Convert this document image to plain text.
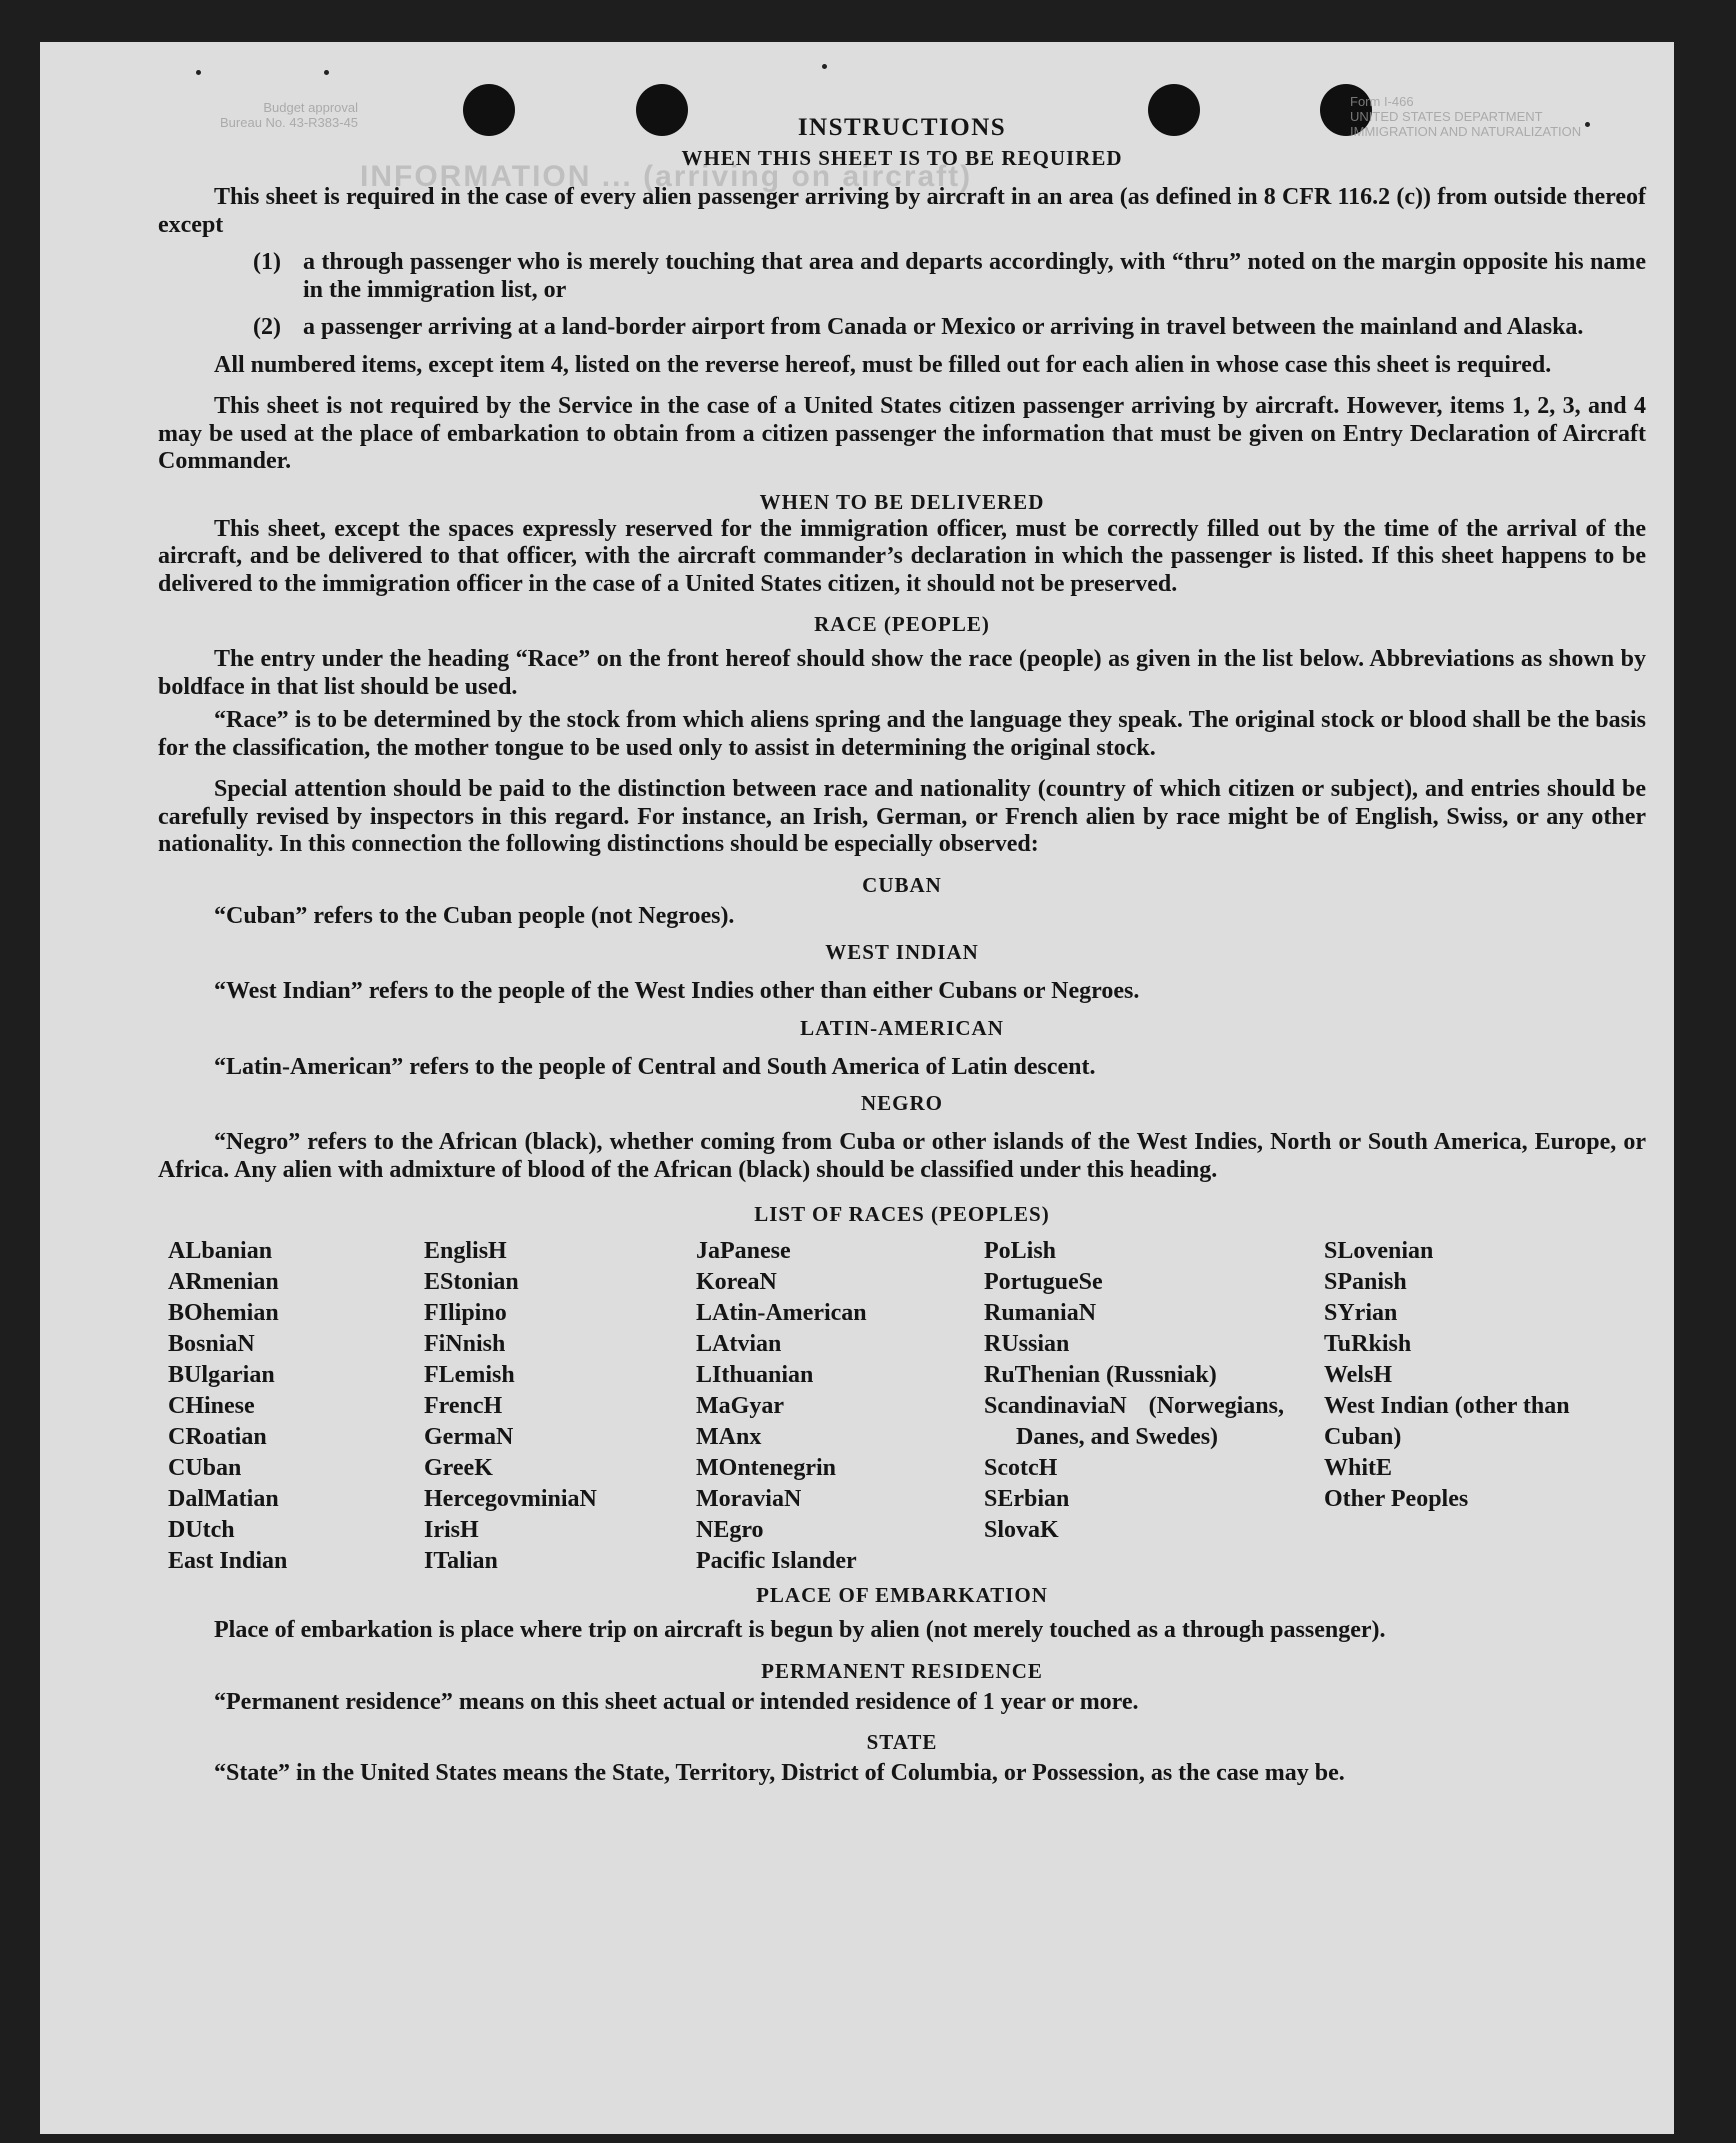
Budget approval
Bureau No. 43-R383-45
Form I-466
UNITED STATES DEPARTMENT
IMMIGRATION AND NATURALIZATION
INFORMATION ... (arriving on aircraft)
INSTRUCTIONS
WHEN THIS SHEET IS TO BE REQUIRED

This sheet is required in the case of every alien passenger arriving by aircraft in an area (as defined in 8 CFR 116.2 (c)) from outside thereof except

(1) a through passenger who is merely touching that area and departs accordingly, with “thru” noted on the margin opposite his name in the immigration list, or
(2) a passenger arriving at a land-border airport from Canada or Mexico or arriving in travel between the mainland and Alaska.

All numbered items, except item 4, listed on the reverse hereof, must be filled out for each alien in whose case this sheet is required.

This sheet is not required by the Service in the case of a United States citizen passenger arriving by aircraft. However, items 1, 2, 3, and 4 may be used at the place of embarkation to obtain from a citizen passenger the information that must be given on Entry Declaration of Aircraft Commander.

WHEN TO BE DELIVERED

This sheet, except the spaces expressly reserved for the immigration officer, must be correctly filled out by the time of the arrival of the aircraft, and be delivered to that officer, with the aircraft commander’s declaration in which the passenger is listed. If this sheet happens to be delivered to the immigration officer in the case of a United States citizen, it should not be preserved.

RACE (PEOPLE)

The entry under the heading “Race” on the front hereof should show the race (people) as given in the list below. Abbreviations as shown by boldface in that list should be used.

“Race” is to be determined by the stock from which aliens spring and the language they speak. The original stock or blood shall be the basis for the classification, the mother tongue to be used only to assist in determining the original stock.

Special attention should be paid to the distinction between race and nationality (country of which citizen or subject), and entries should be carefully revised by inspectors in this regard. For instance, an Irish, German, or French alien by race might be of English, Swiss, or any other nationality. In this connection the following distinctions should be especially observed:

CUBAN

“Cuban” refers to the Cuban people (not Negroes).

WEST INDIAN

“West Indian” refers to the people of the West Indies other than either Cubans or Negroes.

LATIN-AMERICAN

“Latin-American” refers to the people of Central and South America of Latin descent.

NEGRO

“Negro” refers to the African (black), whether coming from Cuba or other islands of the West Indies, North or South America, Europe, or Africa. Any alien with admixture of blood of the African (black) should be classified under this heading.

LIST OF RACES (PEOPLES)
ALbanian
ARmenian
BOhemian
BosniaN
BUlgarian
CHinese
CRoatian
CUban
DalMatian
DUtch
East Indian
EnglisH
EStonian
FIlipino
FiNnish
FLemish
FrencH
GermaN
GreeK
HercegovminiaN
IrisH
ITalian
JaPanese
KoreaN
LAtin-American
LAtvian
LIthuanian
MaGyar
MAnx
MOntenegrin
MoraviaN
NEgro
Pacific Islander
PoLish
PortugueSe
RumaniaN
RUssian
RuThenian (Russniak)
ScandinaviaN (Norwegians, Danes, and Swedes)
ScotcH
SErbian
SlovaK
SLovenian
SPanish
SYrian
TuRkish
WelsH
West Indian (other than Cuban)
WhitE
Other Peoples
PLACE OF EMBARKATION

Place of embarkation is place where trip on aircraft is begun by alien (not merely touched as a through passenger).

PERMANENT RESIDENCE

“Permanent residence” means on this sheet actual or intended residence of 1 year or more.

STATE

“State” in the United States means the State, Territory, District of Columbia, or Possession, as the case may be.
